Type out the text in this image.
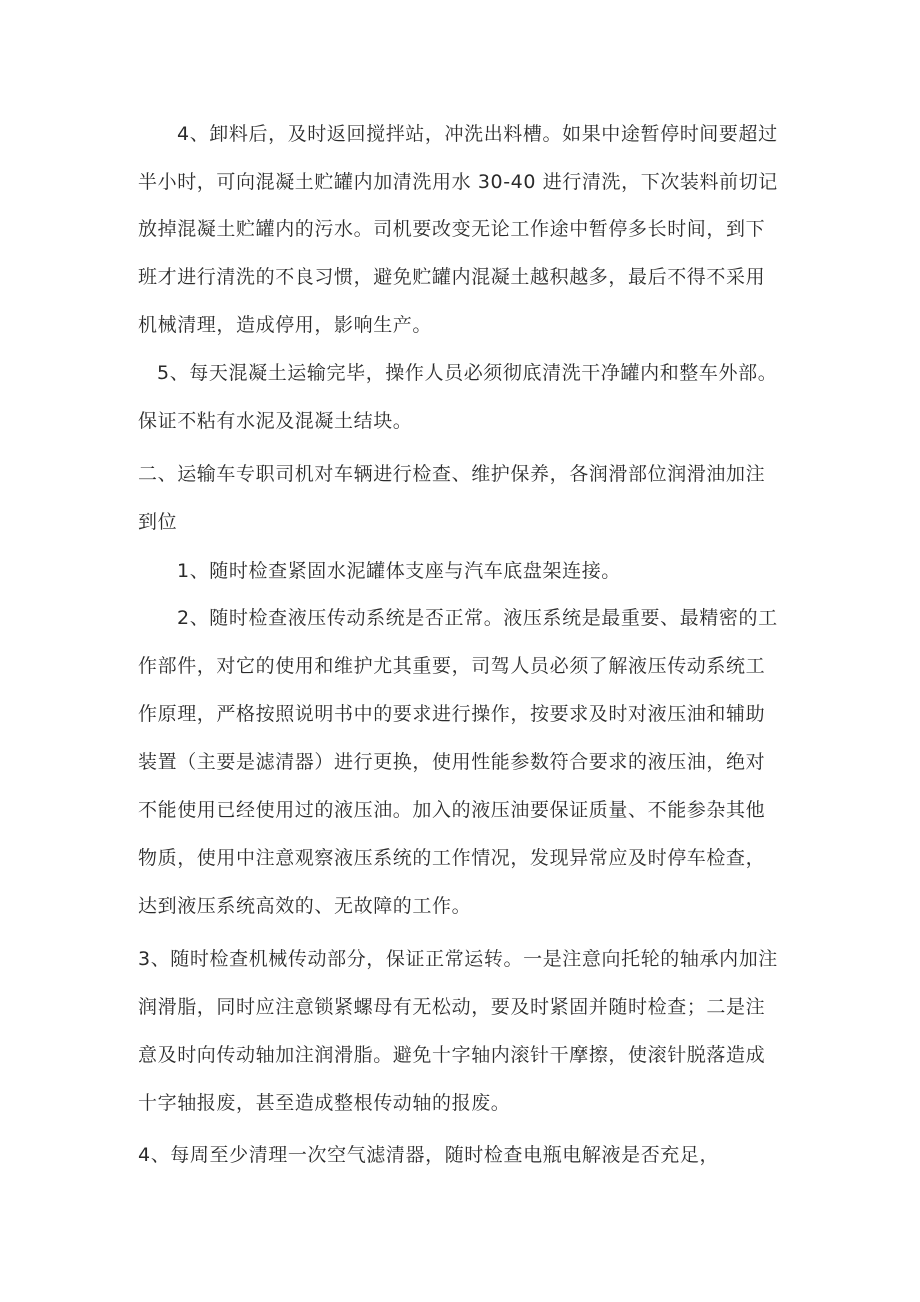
4、卸料后，及时返回搅拌站，冲洗出料槽。如果中途暂停时间要超过
半小时，可向混凝土贮罐内加清洗用水 30-40 进行清洗，下次装料前切记
放掉混凝土贮罐内的污水。司机要改变无论工作途中暂停多长时间，到下
班才进行清洗的不良习惯，避免贮罐内混凝土越积越多，最后不得不采用
机械清理，造成停用，影响生产。
5、每天混凝土运输完毕，操作人员必须彻底清洗干净罐内和整车外部。
保证不粘有水泥及混凝土结块。
二、运输车专职司机对车辆进行检查、维护保养，各润滑部位润滑油加注
到位
1、随时检查紧固水泥罐体支座与汽车底盘架连接。
2、随时检查液压传动系统是否正常。液压系统是最重要、最精密的工
作部件，对它的使用和维护尤其重要，司驾人员必须了解液压传动系统工
作原理，严格按照说明书中的要求进行操作，按要求及时对液压油和辅助
装置（主要是滤清器）进行更换，使用性能参数符合要求的液压油，绝对
不能使用已经使用过的液压油。加入的液压油要保证质量、不能参杂其他
物质，使用中注意观察液压系统的工作情况，发现异常应及时停车检查，
达到液压系统高效的、无故障的工作。
3、随时检查机械传动部分，保证正常运转。一是注意向托轮的轴承内加注
润滑脂，同时应注意锁紧螺母有无松动，要及时紧固并随时检查；二是注
意及时向传动轴加注润滑脂。避免十字轴内滚针干摩擦，使滚针脱落造成
十字轴报废，甚至造成整根传动轴的报废。
4、每周至少清理一次空气滤清器，随时检查电瓶电解液是否充足，
